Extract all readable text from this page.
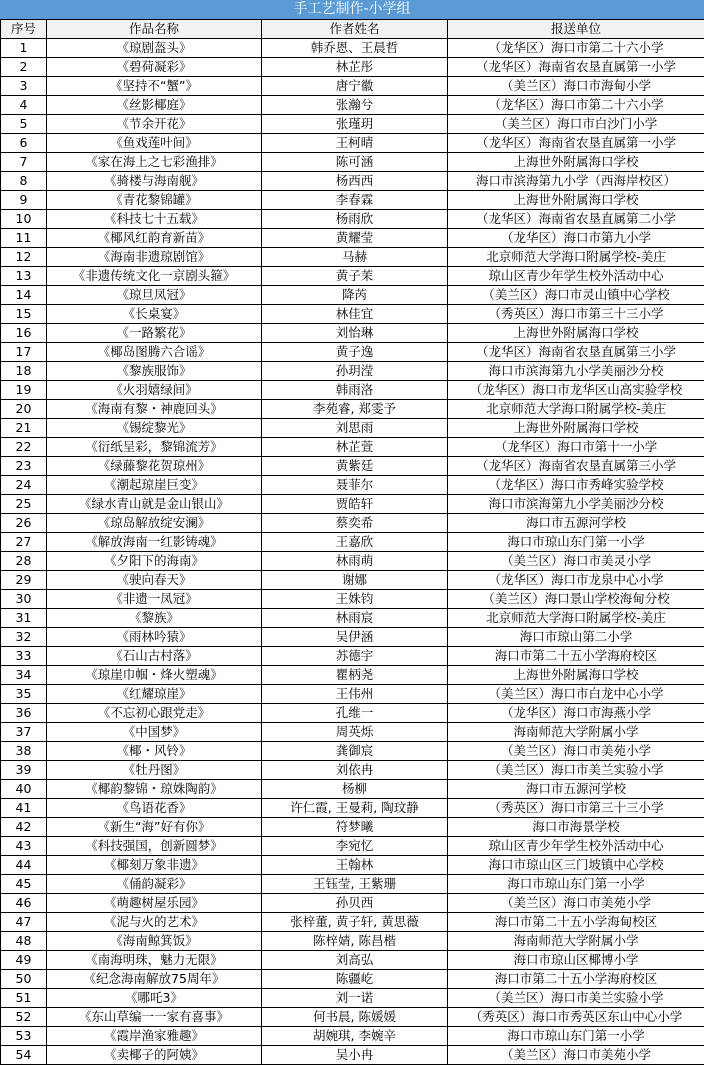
手工艺制作-小学组
序号	作品名称	作者姓名	报送单位
1	《琼剧盔头》	韩乔恩、王晨哲	（龙华区）海口市第二十六小学
2	《碧荷凝彩》	林芷彤	（龙华区）海南省农垦直属第一小学
3	《坚持不“蟹”》	唐宁徽	（美兰区）海口市海甸小学
4	《丝影椰庭》	张瀚兮	（龙华区）海口市第二十六小学
5	《节余开花》	张瑾玥	（美兰区）海口市白沙门小学
6	《鱼戏莲叶间》	王柯晴	（龙华区）海南省农垦直属第一小学
7	《家在海上之七彩渔排》	陈可涵	上海世外附属海口学校
8	《骑楼与海南舰》	杨西西	海口市滨海第九小学（西海岸校区）
9	《青花黎锦罐》	李春霖	上海世外附属海口学校
10	《科技七十五载》	杨雨欣	（龙华区）海南省农垦直属第二小学
11	《椰风红韵育新苗》	黄耀莹	（龙华区）海口市第九小学
12	《海南非遗琼剧馆》	马赫	北京师范大学海口附属学校-美庄
13	《非遗传统文化一京剧头箍》	黄子茉	琼山区青少年学生校外活动中心
14	《琼旦凤冠》	降芮	（美兰区）海口市灵山镇中心学校
15	《长桌宴》	林佳宜	（秀英区）海口市第三十三小学
16	《一路繁花》	刘怡琳	上海世外附属海口学校
17	《椰岛图腾六合谣》	黄子逸	（龙华区）海南省农垦直属第三小学
18	《黎族服饰》	孙玥滢	海口市滨海第九小学美丽沙分校
19	《火羽嬉绿间》	韩雨洛	（龙华区）海口市龙华区山高实验学校
20	《海南有黎・神鹿回头》	李苑睿, 郑雯予	北京师范大学海口附属学校-美庄
21	《锡绽黎光》	刘思雨	上海世外附属海口学校
22	《衍纸呈彩，黎锦流芳》	林芷萱	（龙华区）海口市第十一小学
23	《绿藤黎花贺琼州》	黄紫廷	（龙华区）海南省农垦直属第三小学
24	《潮起琼崖巨变》	聂菲尔	（龙华区）海口市秀峰实验学校
25	《绿水青山就是金山银山》	贾皓轩	海口市滨海第九小学美丽沙分校
26	《琼岛解放绽安澜》	蔡奕希	海口市五源河学校
27	《解放海南一红影铸魂》	王嘉欣	海口市琼山东门第一小学
28	《夕阳下的海南》	林雨萌	（美兰区）海口市美灵小学
29	《驶向春天》	谢娜	（龙华区）海口市龙泉中心小学
30	《非遗一凤冠》	王姝钧	（美兰区）海口景山学校海甸分校
31	《黎族》	林雨宸	北京师范大学海口附属学校-美庄
32	《雨林吟猿》	吴伊涵	海口市琼山第二小学
33	《石山古村落》	苏德宇	海口市第二十五小学海府校区
34	《琼崖巾帼・烽火塑魂》	瞿柄尧	上海世外附属海口学校
35	《红耀琼崖》	王伟州	（美兰区）海口市白龙中心小学
36	《不忘初心跟党走》	孔维一	（龙华区）海口市海燕小学
37	《中国梦》	周英烁	海南师范大学附属小学
38	《椰・风铃》	龚御宸	（美兰区）海口市美苑小学
39	《牡丹图》	刘依冉	（美兰区）海口市美兰实验小学
40	《椰韵黎锦・琼姝陶韵》	杨柳	海口市五源河学校
41	《鸟语花香》	许仁霞, 王曼莉, 陶玟静	（秀英区）海口市第三十三小学
42	《新生“海”好有你》	符梦曦	海口市海景学校
43	《科技强国，创新圆梦》	李宛忆	琼山区青少年学生校外活动中心
44	《椰刻万象非遗》	王翰林	海口市琼山区三门坡镇中心学校
45	《俑韵凝彩》	王钰莹, 王紫珊	海口市琼山东门第一小学
46	《萌趣树屋乐园》	孙贝西	（美兰区）海口市美苑小学
47	《泥与火的艺术》	张梓董, 黄子轩, 黄思薇	海口市第二十五小学海甸校区
48	《海南鲸箕饭》	陈梓婧, 陈昌楷	海南师范大学附属小学
49	《南海明珠，魅力无限》	刘高弘	海口市琼山区椰博小学
50	《纪念海南解放75周年》	陈疆屹	海口市第二十五小学海府校区
51	《哪吒3》	刘一诺	（美兰区）海口市美兰实验小学
52	《东山草编一一家有喜事》	何书晨, 陈媛媛	（秀英区）海口市秀英区东山中心小学
53	《霞岸渔家雅趣》	胡婉琪, 李婉辛	海口市琼山东门第一小学
54	《卖椰子的阿姨》	吴小冉	（美兰区）海口市美苑小学
